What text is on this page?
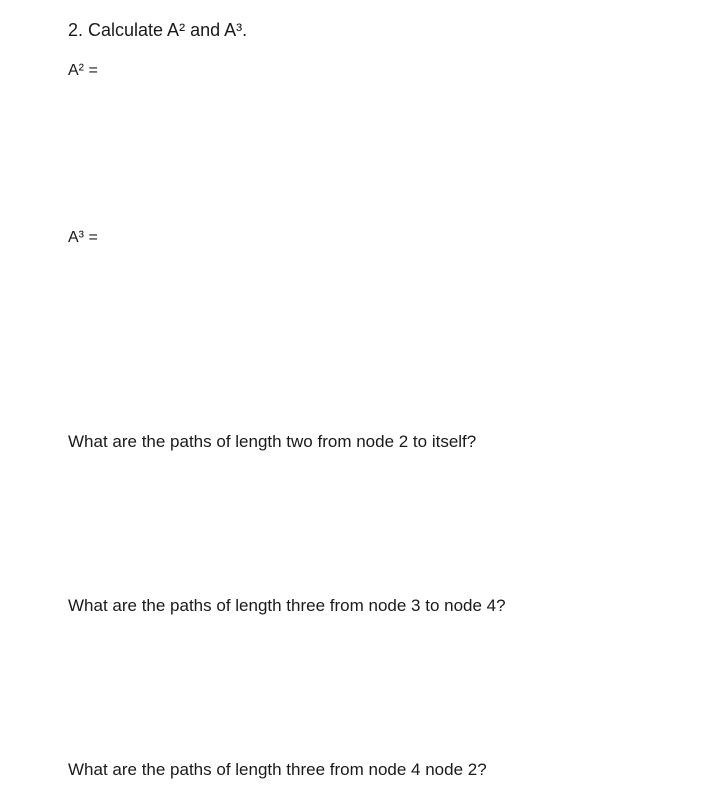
2. Calculate A² and A³.
A² =
A³ =
What are the paths of length two from node 2 to itself?
What are the paths of length three from node 3 to node 4?
What are the paths of length three from node 4 node 2?
